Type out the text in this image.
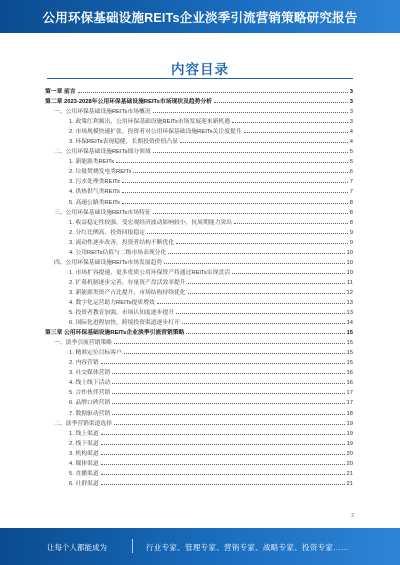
公用环保基础设施REITs企业淡季引流营销策略研究报告
内容目录
第一章 前言	3
第二章 2023-2028年公用环保基础设施REITs市场现状及趋势分析	3
一、公用环保基础设施REITs市场概况	3
1. 政策红利频出，公用环保基础设施REITs市场发展迎来新机遇	3
2. 市场规模快速扩张，投资者对公用环保基础设施REITs关注度提升	4
3. 环保REITs表现稳健，长期投资价值凸显	4
二、公用环保基础设施REITs细分领域	5
1. 新能源类REITs	5
2. 垃圾焚烧发电类REITs	6
3. 污水处理类REITs	7
4. 供热供气类REITs	7
5. 高速公路类REITs	8
三、公用环保基础设施REITs市场特征	8
1. 收益稳定性较强，受宏观经济波动影响较小，抗周期能力突出	8
2. 分红比例高，投资回报稳定	9
3. 流动性逐步改善，投资者结构不断优化	9
4. 公用REITs估值与二级市场表现分化	10
四、公用环保基础设施REITs市场发展趋势	10
1. 市场扩容提速，更多优质公用环保资产将通过REITs实现盘活	10
2. 扩募机制逐步完善，存量资产盘活效率提升	11
3. 新能源类资产占比提升，市场结构持续优化	12
4. 数字化运营助力REITs提质增效	13
5. 投资者教育加强，市场认知度逐步提升	13
6. 国际化进程加快，跨境投资渠道逐步打开	14
第三章 公用环保基础设施REITs企业淡季引流营销策略	15
一、淡季引流营销策略	15
1. 精准定位目标客户	15
2. 内容营销	15
3. 社交媒体营销	16
4. 线上线下活动	16
5. 合作伙伴营销	17
6. 品牌口碑营销	17
7. 数据驱动营销	18
二、淡季营销渠道选择	19
1. 线上渠道	19
2. 线下渠道	19
3. 机构渠道	20
4. 媒体渠道	20
5. 直播渠道	21
6. 社群渠道	21
2
让每个人都能成为	行业专家、管理专家、营销专家、战略专家、投资专家……
